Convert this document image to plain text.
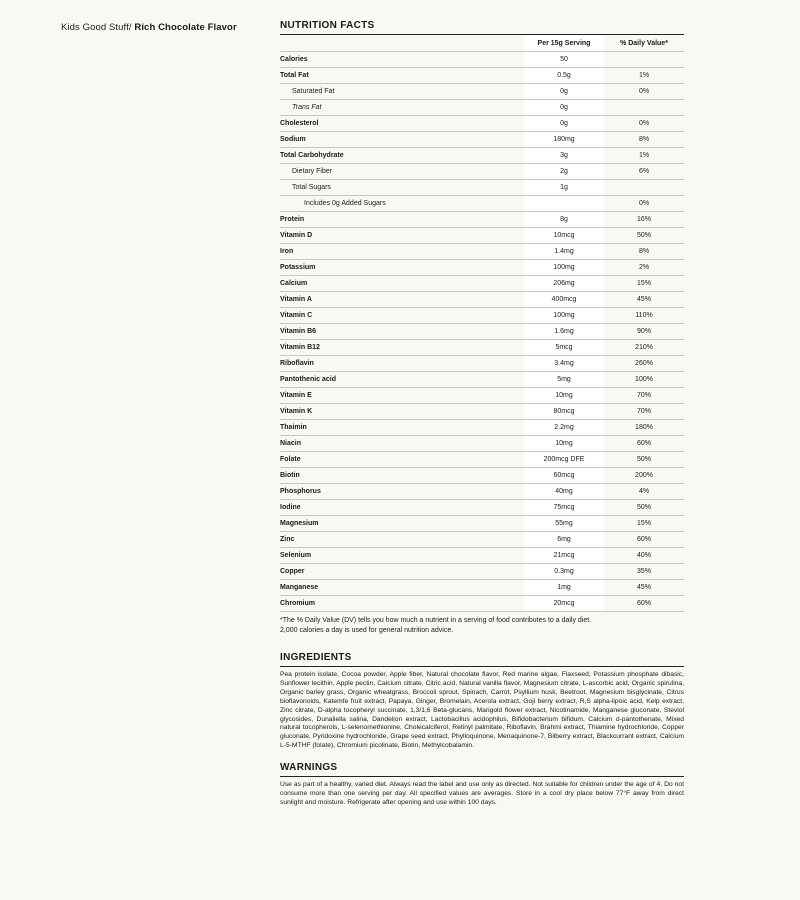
Kids Good Stuff/ Rich Chocolate Flavor	NUTRITION FACTS
	Per 15g Serving	% Daily Value*
Calories	50	
Total Fat	0.5g	1%
Saturated Fat	0g	0%
Trans Fat	0g	
Cholesterol	0g	0%
Sodium	180mg	8%
Total Carbohydrate	3g	1%
Dietary Fiber	2g	6%
Total Sugars	1g	
Includes 0g Added Sugars		0%
Protein	8g	16%
Vitamin D	10mcg	50%
Iron	1.4mg	8%
Potassium	100mg	2%
Calcium	206mg	15%
Vitamin A	400mcg	45%
Vitamin C	100mg	110%
Vitamin B6	1.6mg	90%
Vitamin B12	5mcg	210%
Riboflavin	3.4mg	260%
Pantothenic acid	5mg	100%
Vitamin E	10mg	70%
Vitamin K	80mcg	70%
Thaimin	2.2mg	180%
Niacin	10mg	60%
Folate	200mcg DFE	50%
Biotin	60mcg	200%
Phosphorus	40mg	4%
Iodine	75mcg	50%
Magnesium	55mg	15%
Zinc	6mg	60%
Selenium	21mcg	40%
Copper	0.3mg	35%
Manganese	1mg	45%
Chromium	20mcg	60%
*The % Daily Value (DV) tells you how much a nutrient in a serving of food contributes to a daily diet.
2,000 calories a day is used for general nutrition advice.
INGREDIENTS

Pea protein isolate, Cocoa powder, Apple fiber, Natural chocolate flavor, Red marine algae, Flaxseed, Potassium phosphate dibasic, Sunflower lecithin, Apple pectin, Calcium citrate, Citric acid, Natural vanilla flavor, Magnesium citrate, L-ascorbic acid, Organic spirulina, Organic barley grass, Organic wheatgrass, Broccoli sprout, Spinach, Carrot, Psyllium husk, Beetroot, Magnesium bisglycinate, Citrus bioflavonoids, Katemfe fruit extract, Papaya, Ginger, Bromelain, Acerola extract, Goji berry extract, R,S alpha-lipoic acid, Kelp extract, Zinc citrate, D-alpha tocopheryl succinate, 1,3/1,6 Beta-glucans, Marigold flower extract, Nicotinamide, Manganese gluconate, Steviol glycosides, Dunaliella salina, Dandelion extract, Lactobacillus acidophilus, Bifidobacterium bifidum, Calcium d-pantothenate, Mixed natural tocopherols, L-selenomethionine, Cholecalciferol, Retinyl palmitate, Riboflavin, Brahmi extract, Thiamine hydrochloride, Copper gluconate, Pyridoxine hydrochloride, Grape seed extract, Phylloquinone, Menaquinone-7, Bilberry extract, Blackcurrant extract, Calcium L-5-MTHF (folate), Chromium picolinate, Biotin, Methylcobalamin.

WARNINGS

Use as part of a healthy, varied diet. Always read the label and use only as directed. Not suitable for children under the age of 4. Do not consume more than one serving per day. All specified values are averages. Store in a cool dry place below 77°F away from direct sunlight and moisture. Refrigerate after opening and use within 100 days.
